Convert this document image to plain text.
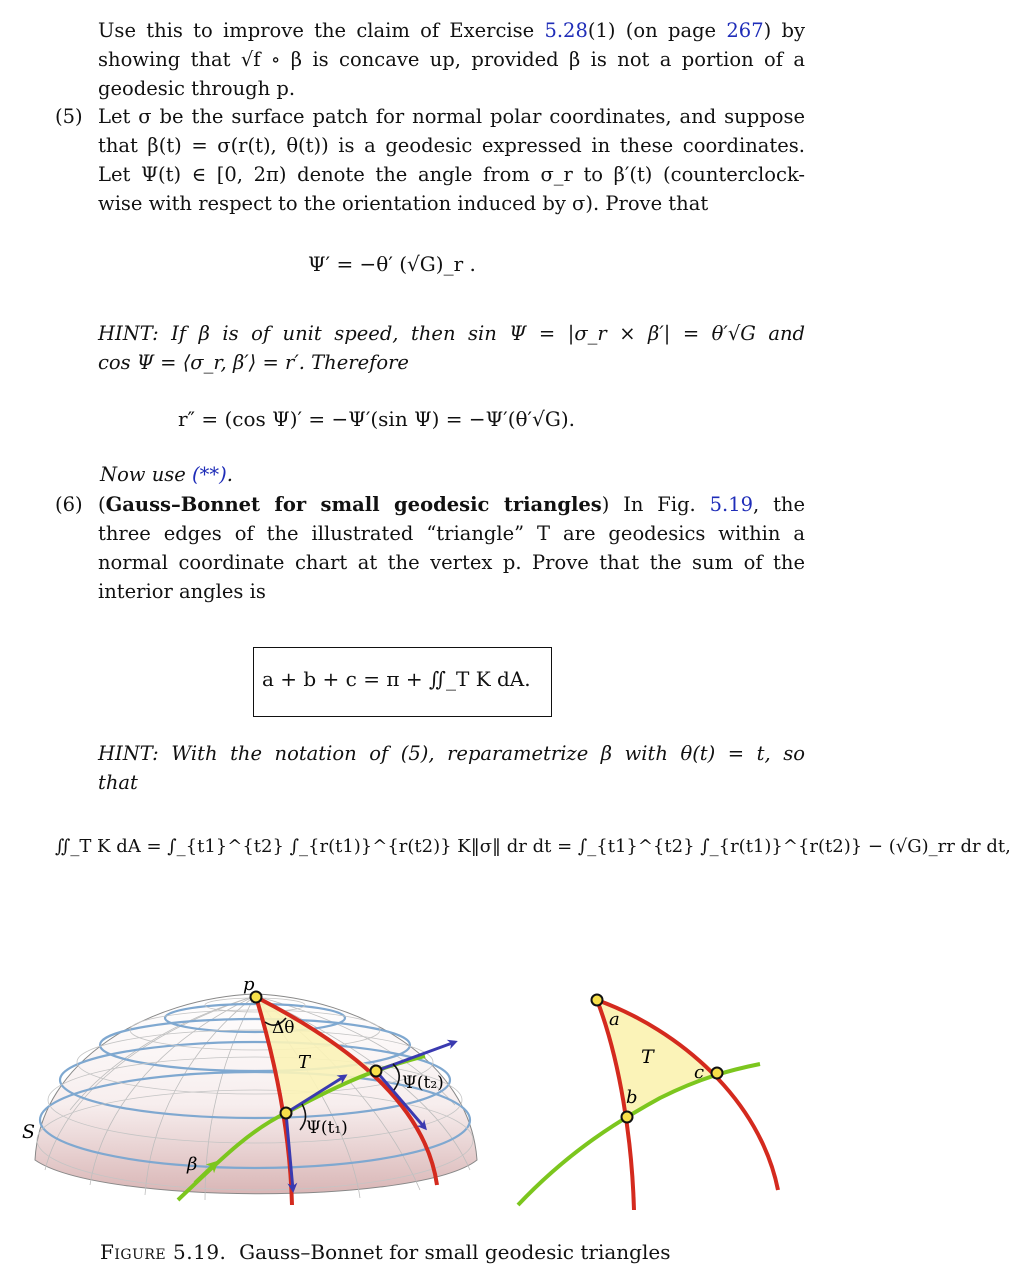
Use this to improve the claim of Exercise 5.28(1) (on page 267) by
showing that √f ∘ β is concave up, provided β is not a portion of a
geodesic through p.
(5) Let σ be the surface patch for normal polar coordinates, and suppose
that β(t) = σ(r(t), θ(t)) is a geodesic expressed in these coordinates.
Let Ψ(t) ∈ [0, 2π) denote the angle from σ_r to β′(t) (counterclock-
wise with respect to the orientation induced by σ). Prove that
Ψ′ = −θ′ (√G)_r .
HINT: If β is of unit speed, then sin Ψ = |σ_r × β′| = θ′√G and
cos Ψ = ⟨σ_r, β′⟩ = r′. Therefore
r″ = (cos Ψ)′ = −Ψ′(sin Ψ) = −Ψ′(θ′√G).
Now use (**).
(6) (Gauss–Bonnet for small geodesic triangles) In Fig. 5.19, the
three edges of the illustrated “triangle” T are geodesics within a
normal coordinate chart at the vertex p. Prove that the sum of the
interior angles is
a + b + c = π + ∬_T K dA.
HINT: With the notation of (5), reparametrize β with θ(t) = t, so
that
∬_T K dA = ∫_{t1}^{t2} ∫_{r(t1)}^{r(t2)} K‖σ‖ dr dt = ∫_{t1}^{t2} ∫_{r(t1)}^{r(t2)} − (√G)_rr dr dt,
p
Δθ
T
Ψ(t₂)
Ψ(t₁)
S
β
a
T
b
c
Figure 5.19. Gauss–Bonnet for small geodesic triangles
